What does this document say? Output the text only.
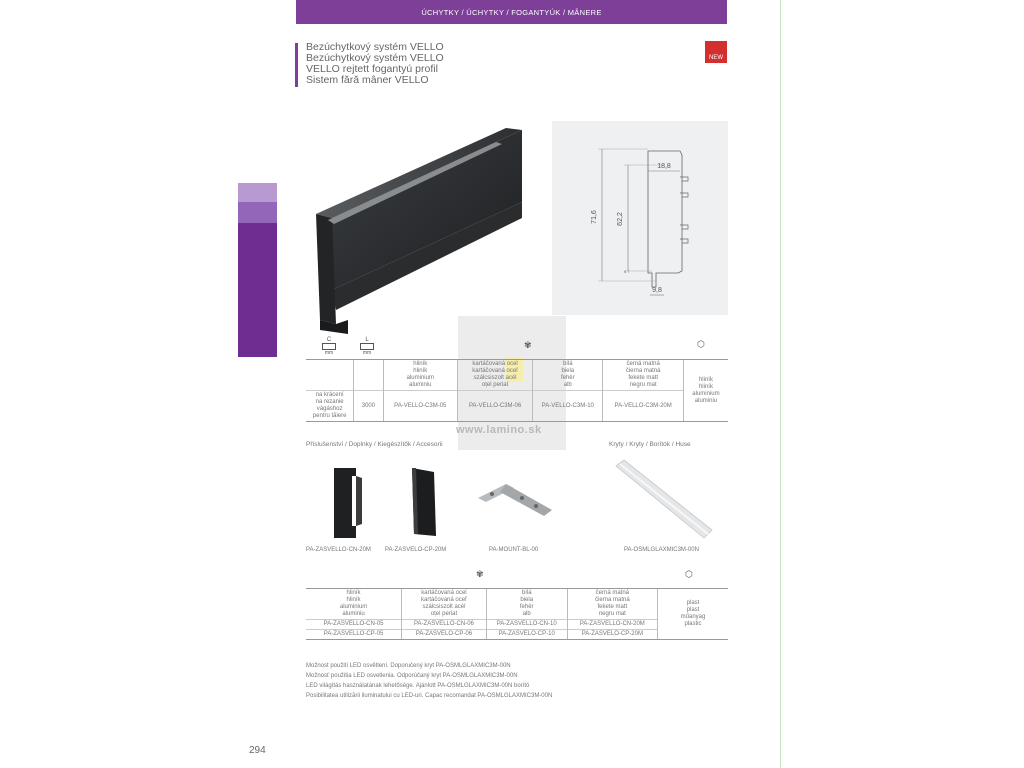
ÚCHYTKY / ÚCHYTKY / FOGANTYÚK / MÂNERE
Bezúchytkový systém VELLO
Bezúchytkový systém VELLO
VELLO rejtett fogantyú profil
Sistem fără mâner VELLO
NEW
71,6	62,2
18,8
9,8
6,7
C
mm
L
mm
✾	⬡
		hliník
hliník
aluminium
aluminiu	kartáčovaná ocel
kartáčovaná oceľ
szálcsiszolt acél
oțel periat	bílá
biela
fehér
alb	černá matná
čierna matná
fekete matt
negru mat	hliník
hliník
aluminium
aluminiu
na krácení
na rezanie
vágáshoz
pentru tăiere	3000	PA-VELLO-C3M-05	PA-VELLO-C3M-06	PA-VELLO-C3M-10	PA-VELLO-C3M-20M	
www.lamino.sk
Příslušenství / Doplnky / Kiegészítők / Accesorii	Kryty / Kryty / Borítók / Huse
PA-ZASVELLO-CN-20M PA-ZASVELO-CP-20M	PA-MOUNT-BL-00	PA-OSMLGLAXMIC3M-00N
✾	⬡
hliník
hliník
aluminium
aluminiu	kartáčovaná ocel
kartáčovaná oceľ
szálcsiszolt acél
oțel periat	bílá
biela
fehér
alb	černá matná
čierna matná
fekete matt
negru mat	plast
plast
műanyag
plastic
PA-ZASVELLO-CN-05	PA-ZASVELLO-CN-06	PA-ZASVELLO-CN-10	PA-ZASVELLO-CN-20M	
PA-ZASVELLO-CP-05	PA-ZASVELO-CP-06	PA-ZASVELO-CP-10	PA-ZASVELO-CP-20M	
Možnost použití LED osvětlení. Doporučený kryt PA-OSMLGLAXMIC3M-00N
Možnosť použitia LED osvetlenia. Odporúčaný kryt PA-OSMLGLAXMIC3M-00N
LED világítás használatának lehetősége. Ajánlott PA-OSMLGLAXMIC3M-00N borító
Posibilitatea utilizării iluminatului cu LED-uri. Capac recomandat PA-OSMLGLAXMIC3M-00N
294
